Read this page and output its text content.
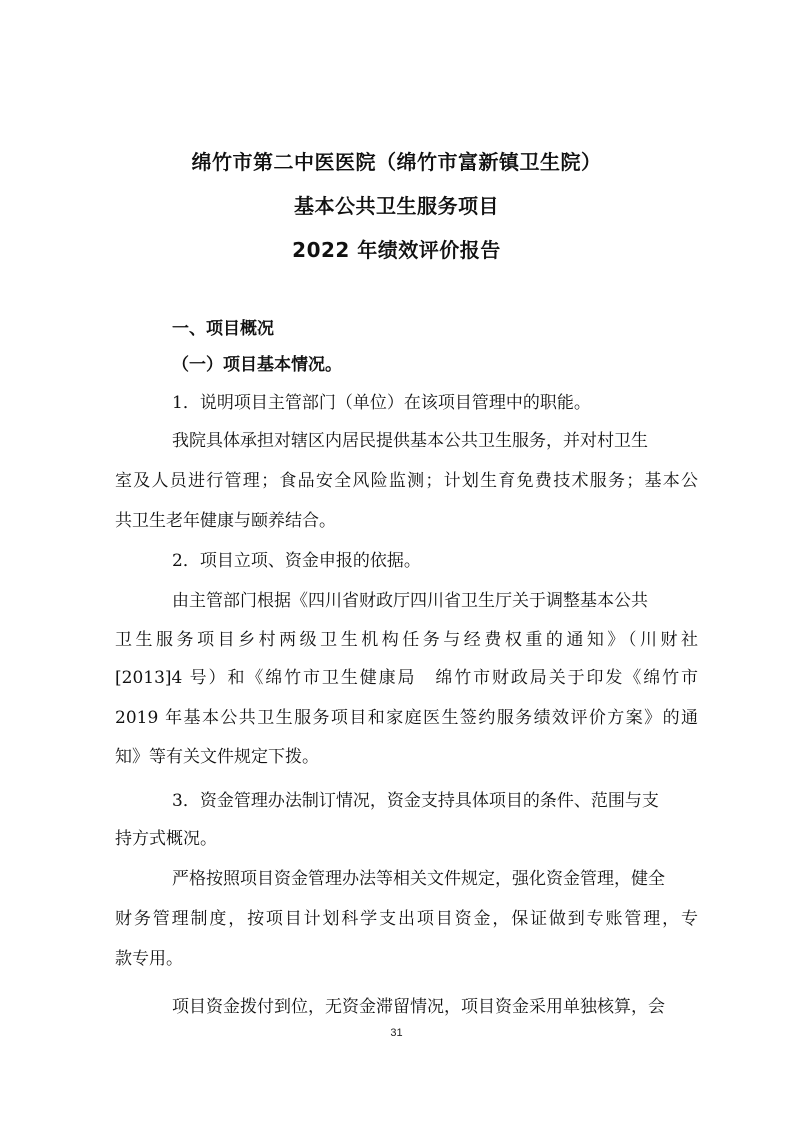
绵竹市第二中医医院（绵竹市富新镇卫生院）
基本公共卫生服务项目
2022 年绩效评价报告
一、项目概况
（一）项目基本情况。
1．说明项目主管部门（单位）在该项目管理中的职能。
我院具体承担对辖区内居民提供基本公共卫生服务，并对村卫生
室及人员进行管理；食品安全风险监测；计划生育免费技术服务；基本公
共卫生老年健康与颐养结合。
2．项目立项、资金申报的依据。
由主管部门根据《四川省财政厅四川省卫生厅关于调整基本公共
卫生服务项目乡村两级卫生机构任务与经费权重的通知》（川财社
[2013]4 号）和《绵竹市卫生健康局　绵竹市财政局关于印发《绵竹市
2019 年基本公共卫生服务项目和家庭医生签约服务绩效评价方案》的通
知》等有关文件规定下拨。
3．资金管理办法制订情况，资金支持具体项目的条件、范围与支
持方式概况。
严格按照项目资金管理办法等相关文件规定，强化资金管理，健全
财务管理制度，按项目计划科学支出项目资金，保证做到专账管理，专
款专用。
项目资金拨付到位，无资金滞留情况，项目资金采用单独核算，会
31
